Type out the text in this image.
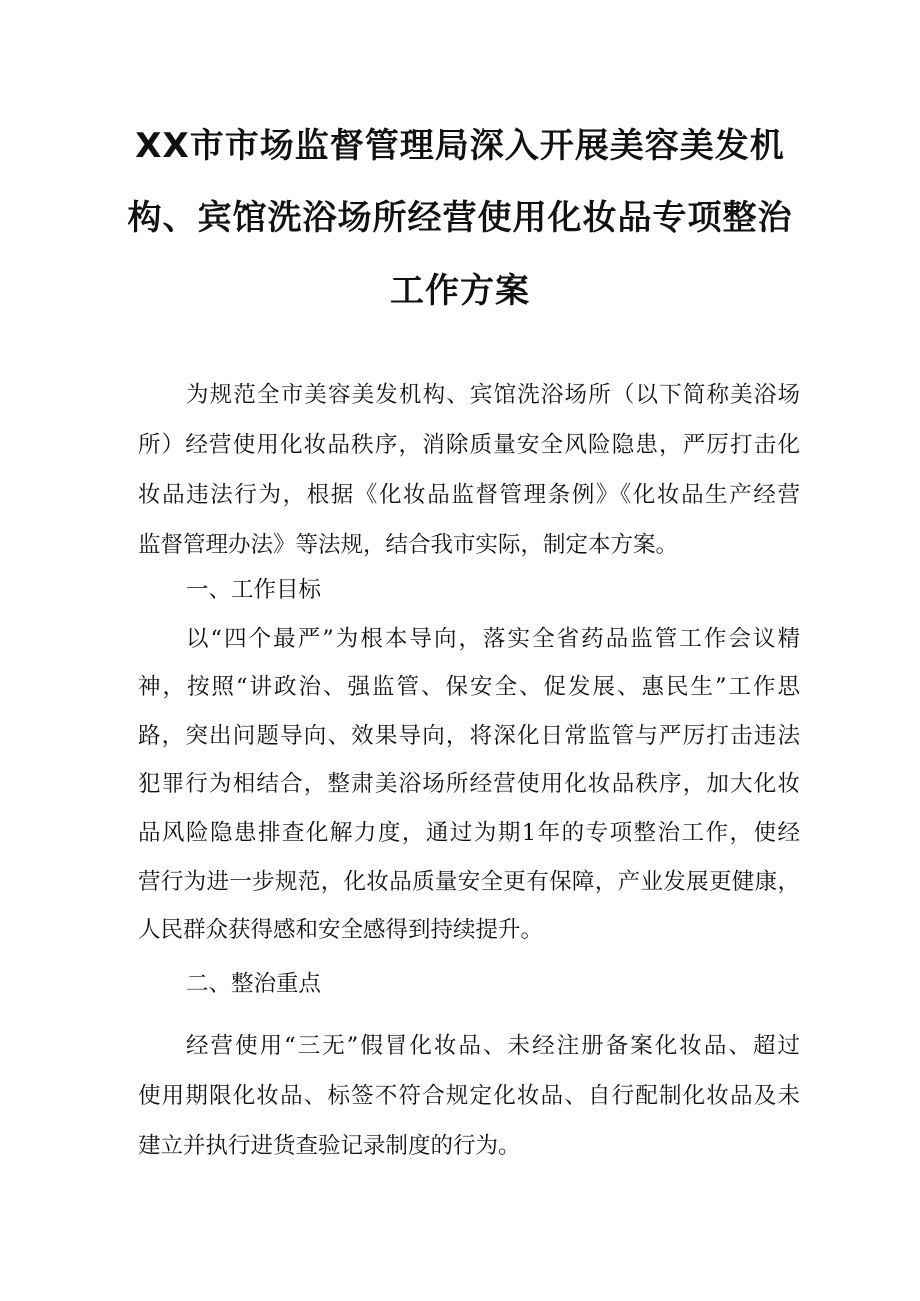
XX市市场监督管理局深入开展美容美发机
构、宾馆洗浴场所经营使用化妆品专项整治
工作方案
为规范全市美容美发机构、宾馆洗浴场所（以下简称美浴场
所）经营使用化妆品秩序，消除质量安全风险隐患，严厉打击化
妆品违法行为，根据《化妆品监督管理条例》《化妆品生产经营
监督管理办法》等法规，结合我市实际，制定本方案。
一、工作目标
以“四个最严”为根本导向，落实全省药品监管工作会议精
神，按照“讲政治、强监管、保安全、促发展、惠民生”工作思
路，突出问题导向、效果导向，将深化日常监管与严厉打击违法
犯罪行为相结合，整肃美浴场所经营使用化妆品秩序，加大化妆
品风险隐患排查化解力度，通过为期1年的专项整治工作，使经
营行为进一步规范，化妆品质量安全更有保障，产业发展更健康，
人民群众获得感和安全感得到持续提升。
二、整治重点
经营使用“三无”假冒化妆品、未经注册备案化妆品、超过
使用期限化妆品、标签不符合规定化妆品、自行配制化妆品及未
建立并执行进货查验记录制度的行为。
